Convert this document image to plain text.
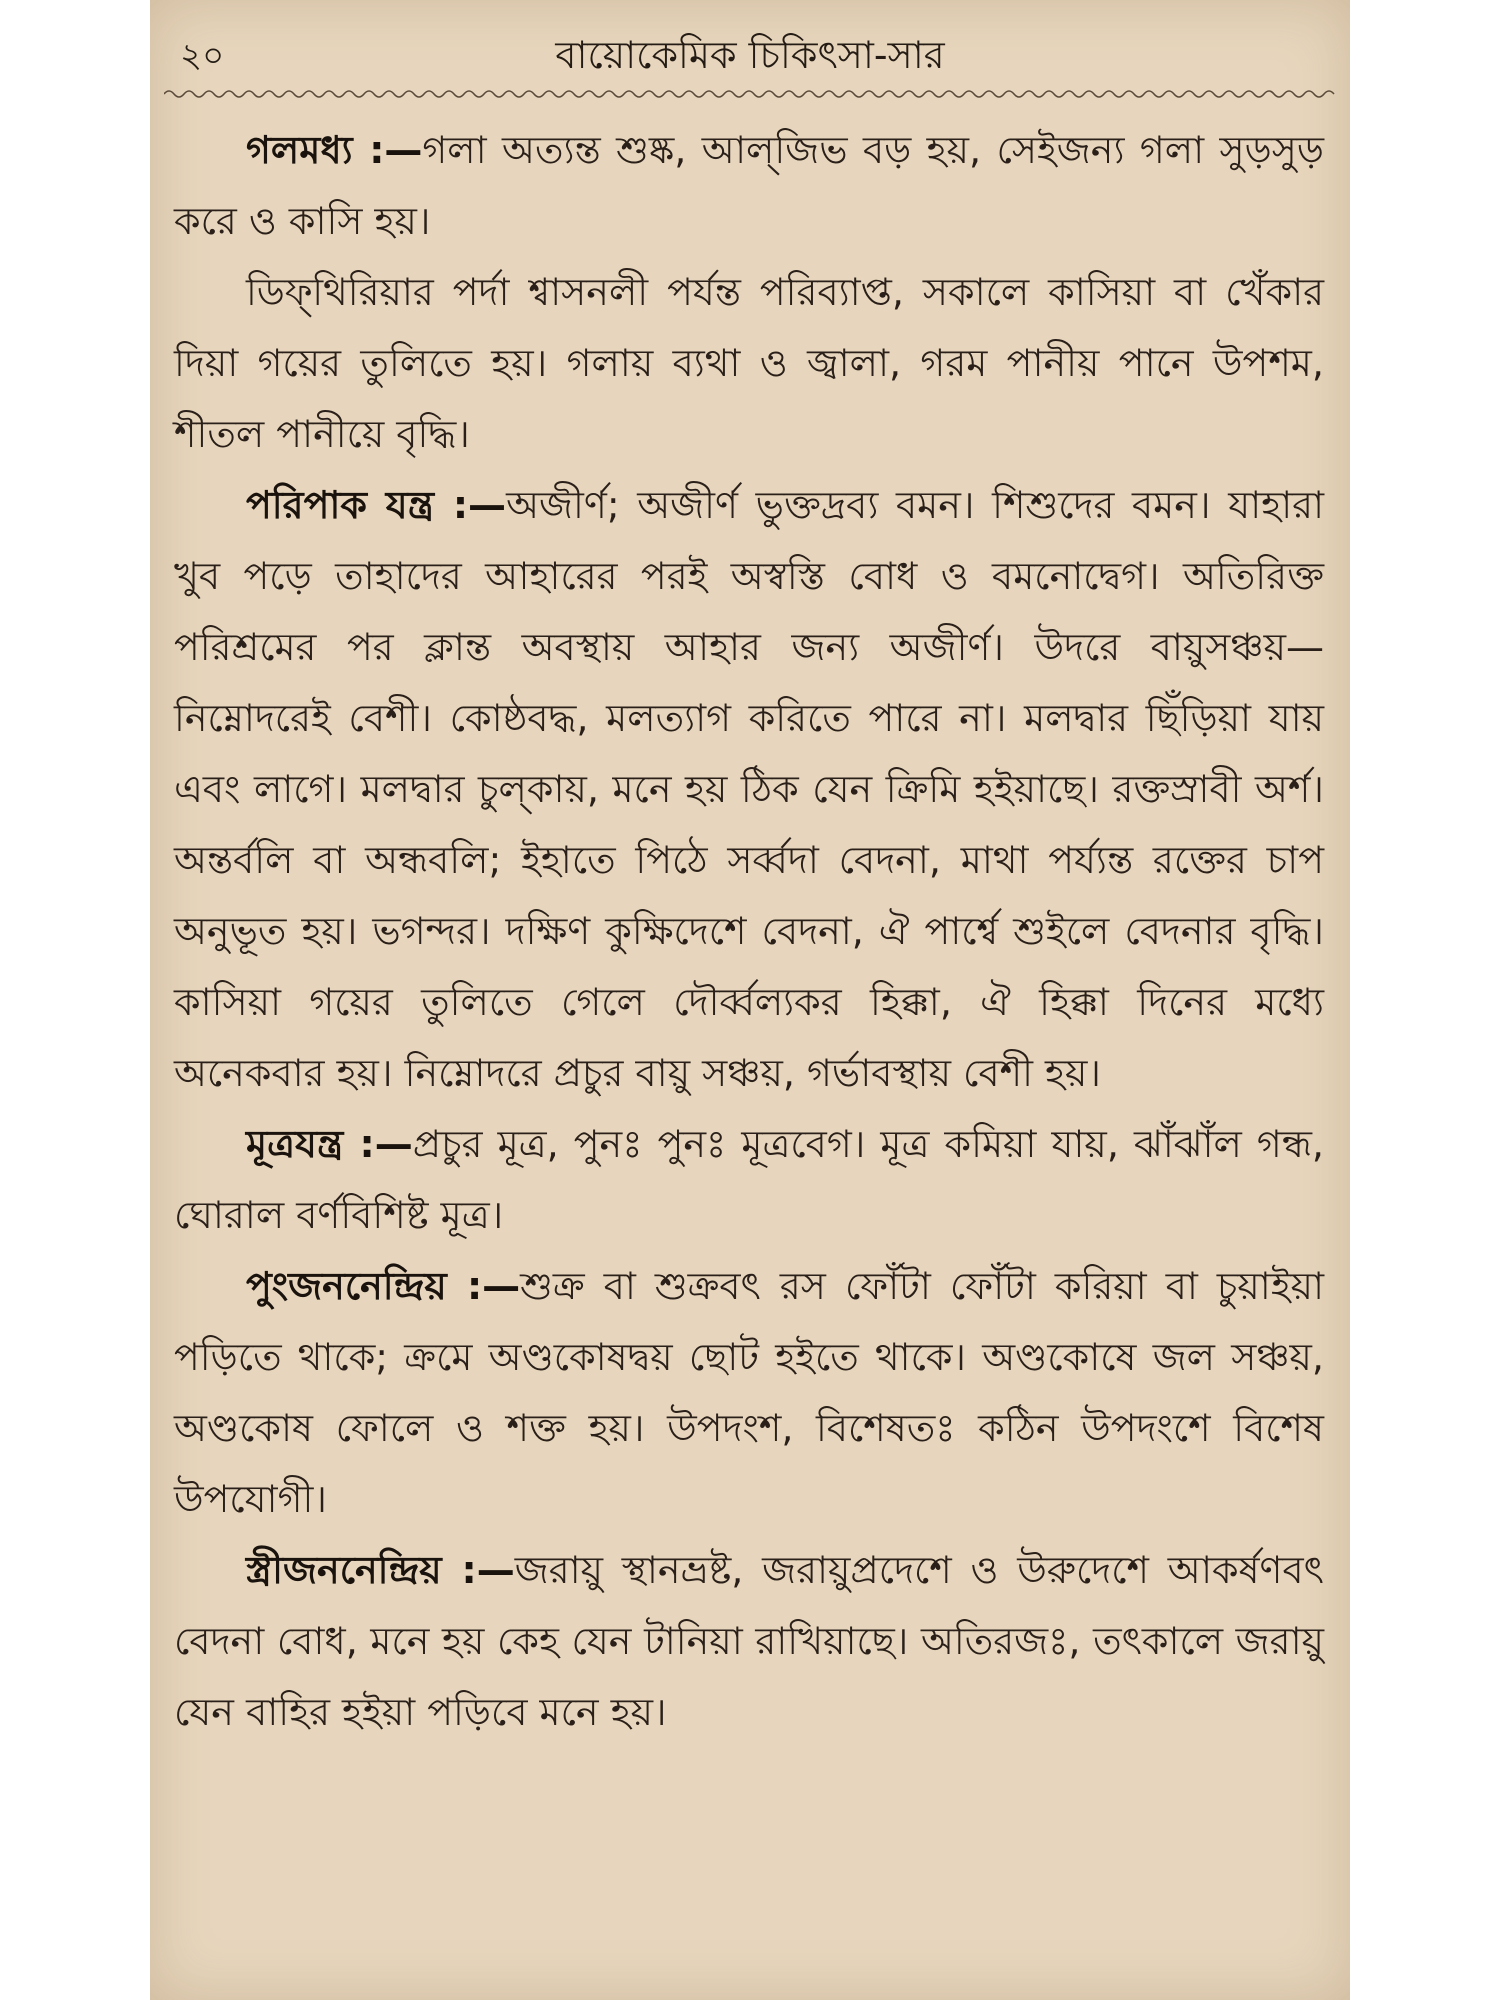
২০	বায়োকেমিক চিকিৎসা-সার

গলমধ্য :—গলা অত্যন্ত শুষ্ক, আল্‌জিভ বড় হয়, সেইজন্য গলা সুড়সুড় করে ও কাসি হয়।

ডিফ্‌থিরিয়ার পর্দা শ্বাসনলী পর্যন্ত পরিব্যাপ্ত, সকালে কাসিয়া বা খেঁকার দিয়া গয়ের তুলিতে হয়। গলায় ব্যথা ও জ্বালা, গরম পানীয় পানে উপশম, শীতল পানীয়ে বৃদ্ধি।

পরিপাক যন্ত্র :—অজীর্ণ; অজীর্ণ ভুক্তদ্রব্য বমন। শিশুদের বমন। যাহারা খুব পড়ে তাহাদের আহারের পরই অস্বস্তি বোধ ও বমনোদ্বেগ। অতিরিক্ত পরিশ্রমের পর ক্লান্ত অবস্থায় আহার জন্য অজীর্ণ। উদরে বায়ুসঞ্চয়—নিম্নোদরেই বেশী। কোষ্ঠবদ্ধ, মলত্যাগ করিতে পারে না। মলদ্বার ছিঁড়িয়া যায় এবং লাগে। মলদ্বার চুল্‌কায়, মনে হয় ঠিক যেন ক্রিমি হইয়াছে। রক্তস্রাবী অর্শ। অন্তর্বলি বা অন্ধবলি; ইহাতে পিঠে সর্ব্বদা বেদনা, মাথা পর্য্যন্ত রক্তের চাপ অনুভূত হয়। ভগন্দর। দক্ষিণ কুক্ষিদেশে বেদনা, ঐ পার্শ্বে শুইলে বেদনার বৃদ্ধি। কাসিয়া গয়ের তুলিতে গেলে দৌর্ব্বল্যকর হিক্কা, ঐ হিক্কা দিনের মধ্যে অনেকবার হয়। নিম্নোদরে প্রচুর বায়ু সঞ্চয়, গর্ভাবস্থায় বেশী হয়।

মূত্রযন্ত্র :—প্রচুর মূত্র, পুনঃ পুনঃ মূত্রবেগ। মূত্র কমিয়া যায়, ঝাঁঝাঁল গন্ধ, ঘোরাল বর্ণবিশিষ্ট মূত্র।

পুংজননেন্দ্রিয় :—শুক্র বা শুক্রবৎ রস ফোঁটা ফোঁটা করিয়া বা চুয়াইয়া পড়িতে থাকে; ক্রমে অণ্ডকোষদ্বয় ছোট হইতে থাকে। অণ্ডকোষে জল সঞ্চয়, অণ্ডকোষ ফোলে ও শক্ত হয়। উপদংশ, বিশেষতঃ কঠিন উপদংশে বিশেষ উপযোগী।

স্ত্রীজননেন্দ্রিয় :—জরায়ু স্থানভ্রষ্ট, জরায়ুপ্রদেশে ও উরুদেশে আকর্ষণবৎ বেদনা বোধ, মনে হয় কেহ যেন টানিয়া রাখিয়াছে। অতিরজঃ, তৎকালে জরায়ু যেন বাহির হইয়া পড়িবে মনে হয়।
